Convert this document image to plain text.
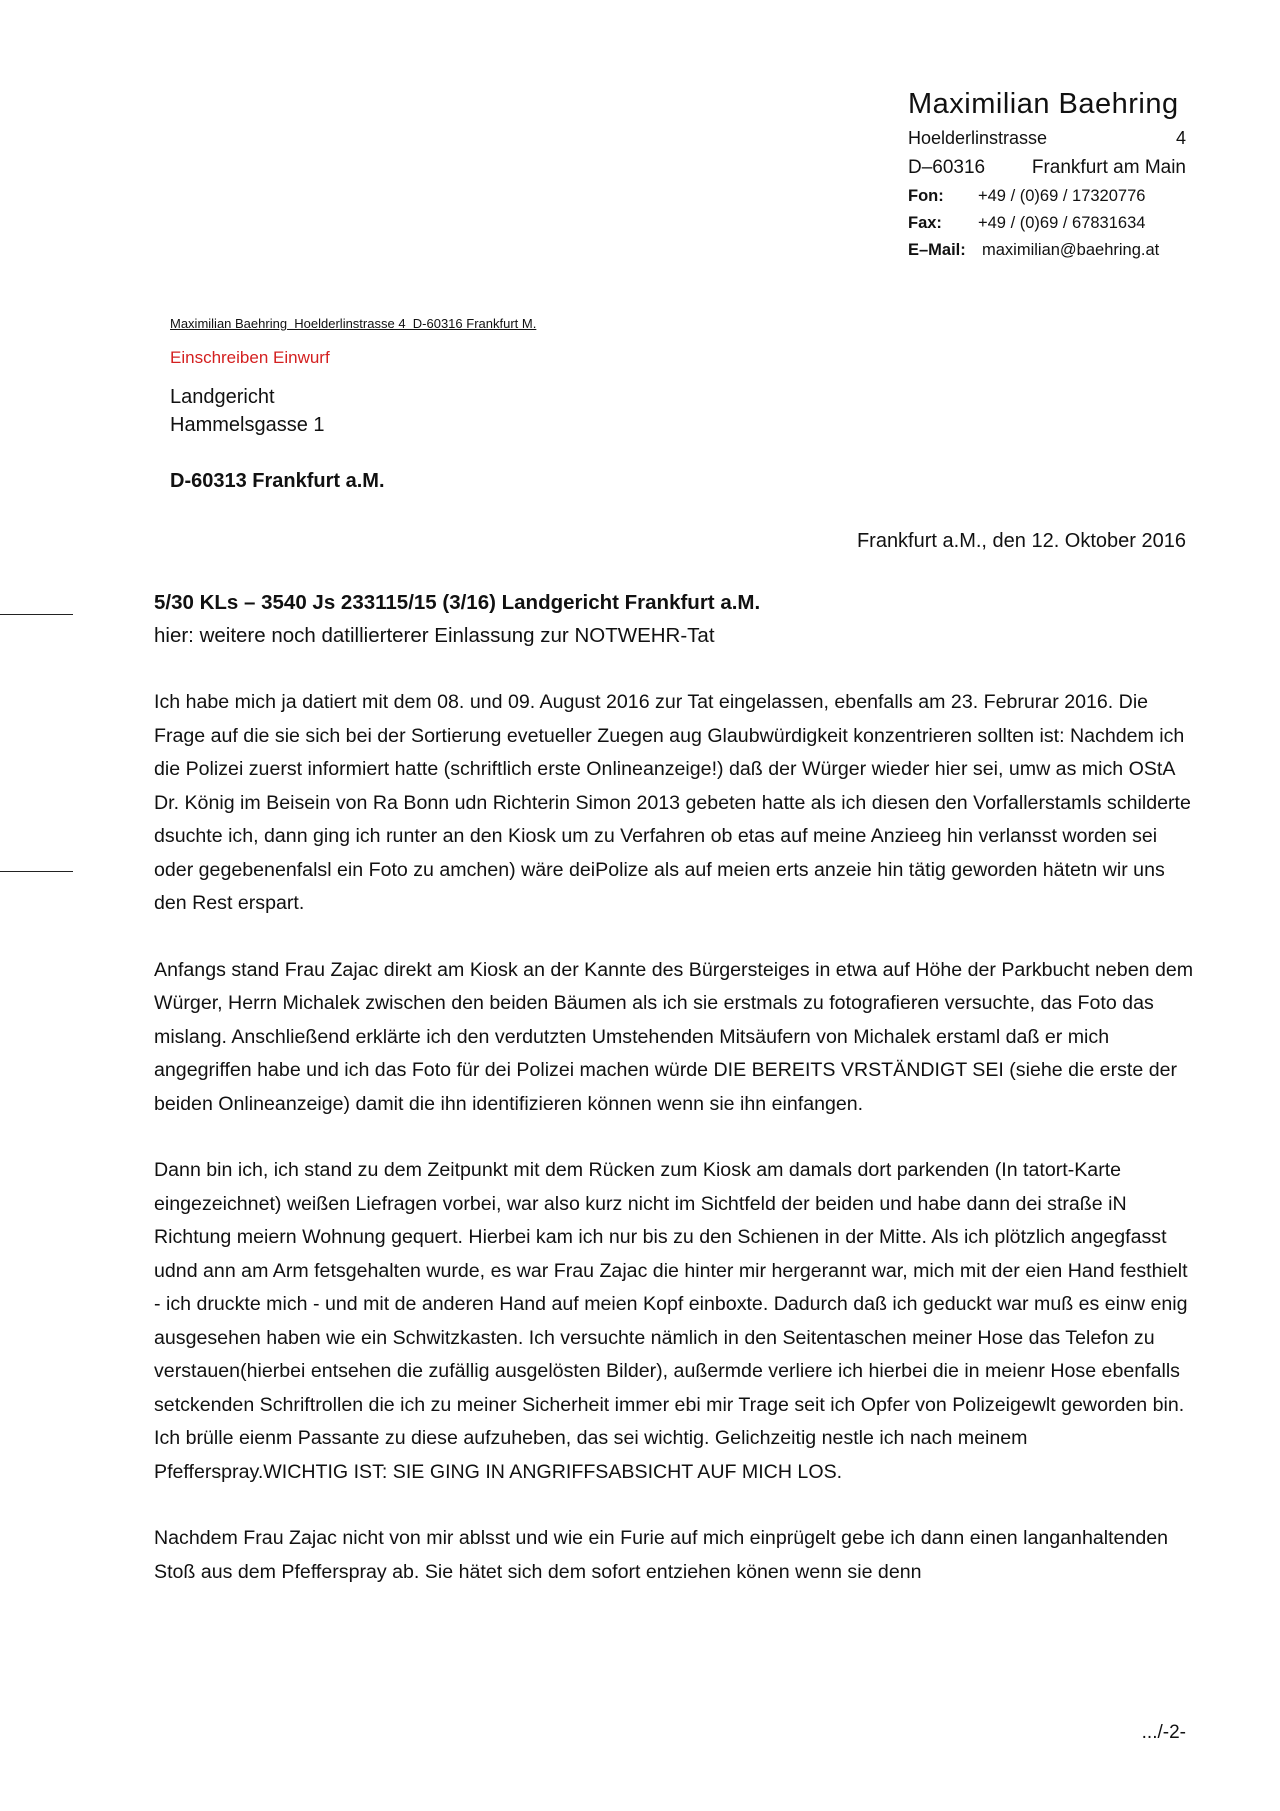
Maximilian Baehring
Hoelderlinstrasse	4
D–60316 Frankfurt am Main
Fon:	+49 / (0)69 / 17320776
Fax:	+49 / (0)69 / 67831634
E–Mail: maximilian@baehring.at
Maximilian Baehring  Hoelderlinstrasse 4  D-60316 Frankfurt M.
Einschreiben Einwurf
Landgericht
Hammelsgasse 1
D-60313 Frankfurt a.M.
Frankfurt a.M., den 12. Oktober 2016
5/30 KLs – 3540 Js 233115/15 (3/16) Landgericht Frankfurt a.M.
hier: weitere noch datillierterer Einlassung zur NOTWEHR-Tat

Ich habe mich ja datiert mit dem 08. und 09. August 2016 zur Tat eingelassen, ebenfalls am 23. Februrar 2016. Die Frage auf die sie sich bei der Sortierung evetueller Zuegen aug Glaubwürdigkeit konzentrieren sollten ist: Nachdem ich die Polizei zuerst informiert hatte (schriftlich erste Onlineanzeige!) daß der Würger wieder hier sei, umw as mich OStA Dr. König im Beisein von Ra Bonn udn Richterin Simon 2013 gebeten hatte als ich diesen den Vorfallerstamls schilderte dsuchte ich, dann ging ich runter an den Kiosk um zu Verfahren ob etas auf meine Anzieeg hin verlansst worden sei oder gegebenenfalsl ein Foto zu amchen) wäre deiPolize als auf meien erts anzeie hin tätig geworden hätetn wir uns den Rest erspart.

Anfangs stand Frau Zajac direkt am Kiosk an der Kannte des Bürgersteiges in etwa auf Höhe der Parkbucht neben dem Würger, Herrn Michalek zwischen den beiden Bäumen als ich sie erstmals zu fotografieren versuchte, das Foto das mislang. Anschließend erklärte ich den verdutzten Umstehenden Mitsäufern von Michalek erstaml daß er mich angegriffen habe und ich das Foto für dei Polizei machen würde DIE BEREITS VRSTÄNDIGT SEI (siehe die erste der beiden Onlineanzeige) damit die ihn identifizieren können wenn sie ihn einfangen.

Dann bin ich, ich stand zu dem Zeitpunkt mit dem Rücken zum Kiosk am damals dort parkenden (In tatort-Karte eingezeichnet) weißen Liefragen vorbei, war also kurz nicht im Sichtfeld der beiden und habe dann dei straße iN Richtung meiern Wohnung gequert. Hierbei kam ich nur bis zu den Schienen in der Mitte. Als ich plötzlich angegfasst udnd ann am Arm fetsgehalten wurde, es war Frau Zajac die hinter mir hergerannt war, mich mit der eien Hand festhielt - ich druckte mich - und mit de anderen Hand auf meien Kopf einboxte. Dadurch daß ich geduckt war muß es einw enig ausgesehen haben wie ein Schwitzkasten. Ich versuchte nämlich in den Seitentaschen meiner Hose das Telefon zu verstauen(hierbei entsehen die zufällig ausgelösten Bilder), außermde verliere ich hierbei die in meienr Hose ebenfalls setckenden Schriftrollen die ich zu meiner Sicherheit immer ebi mir Trage seit ich Opfer von Polizeigewlt geworden bin. Ich brülle eienm Passante zu diese aufzuheben, das sei wichtig. Gelichzeitig nestle ich nach meinem Pfefferspray.WICHTIG IST: SIE GING IN ANGRIFFSABSICHT AUF MICH LOS.

Nachdem Frau Zajac nicht von mir ablsst und wie ein Furie auf mich einprügelt gebe ich dann einen langanhaltenden Stoß aus dem Pfefferspray ab. Sie hätet sich dem sofort entziehen könen wenn sie denn

.../-2-
